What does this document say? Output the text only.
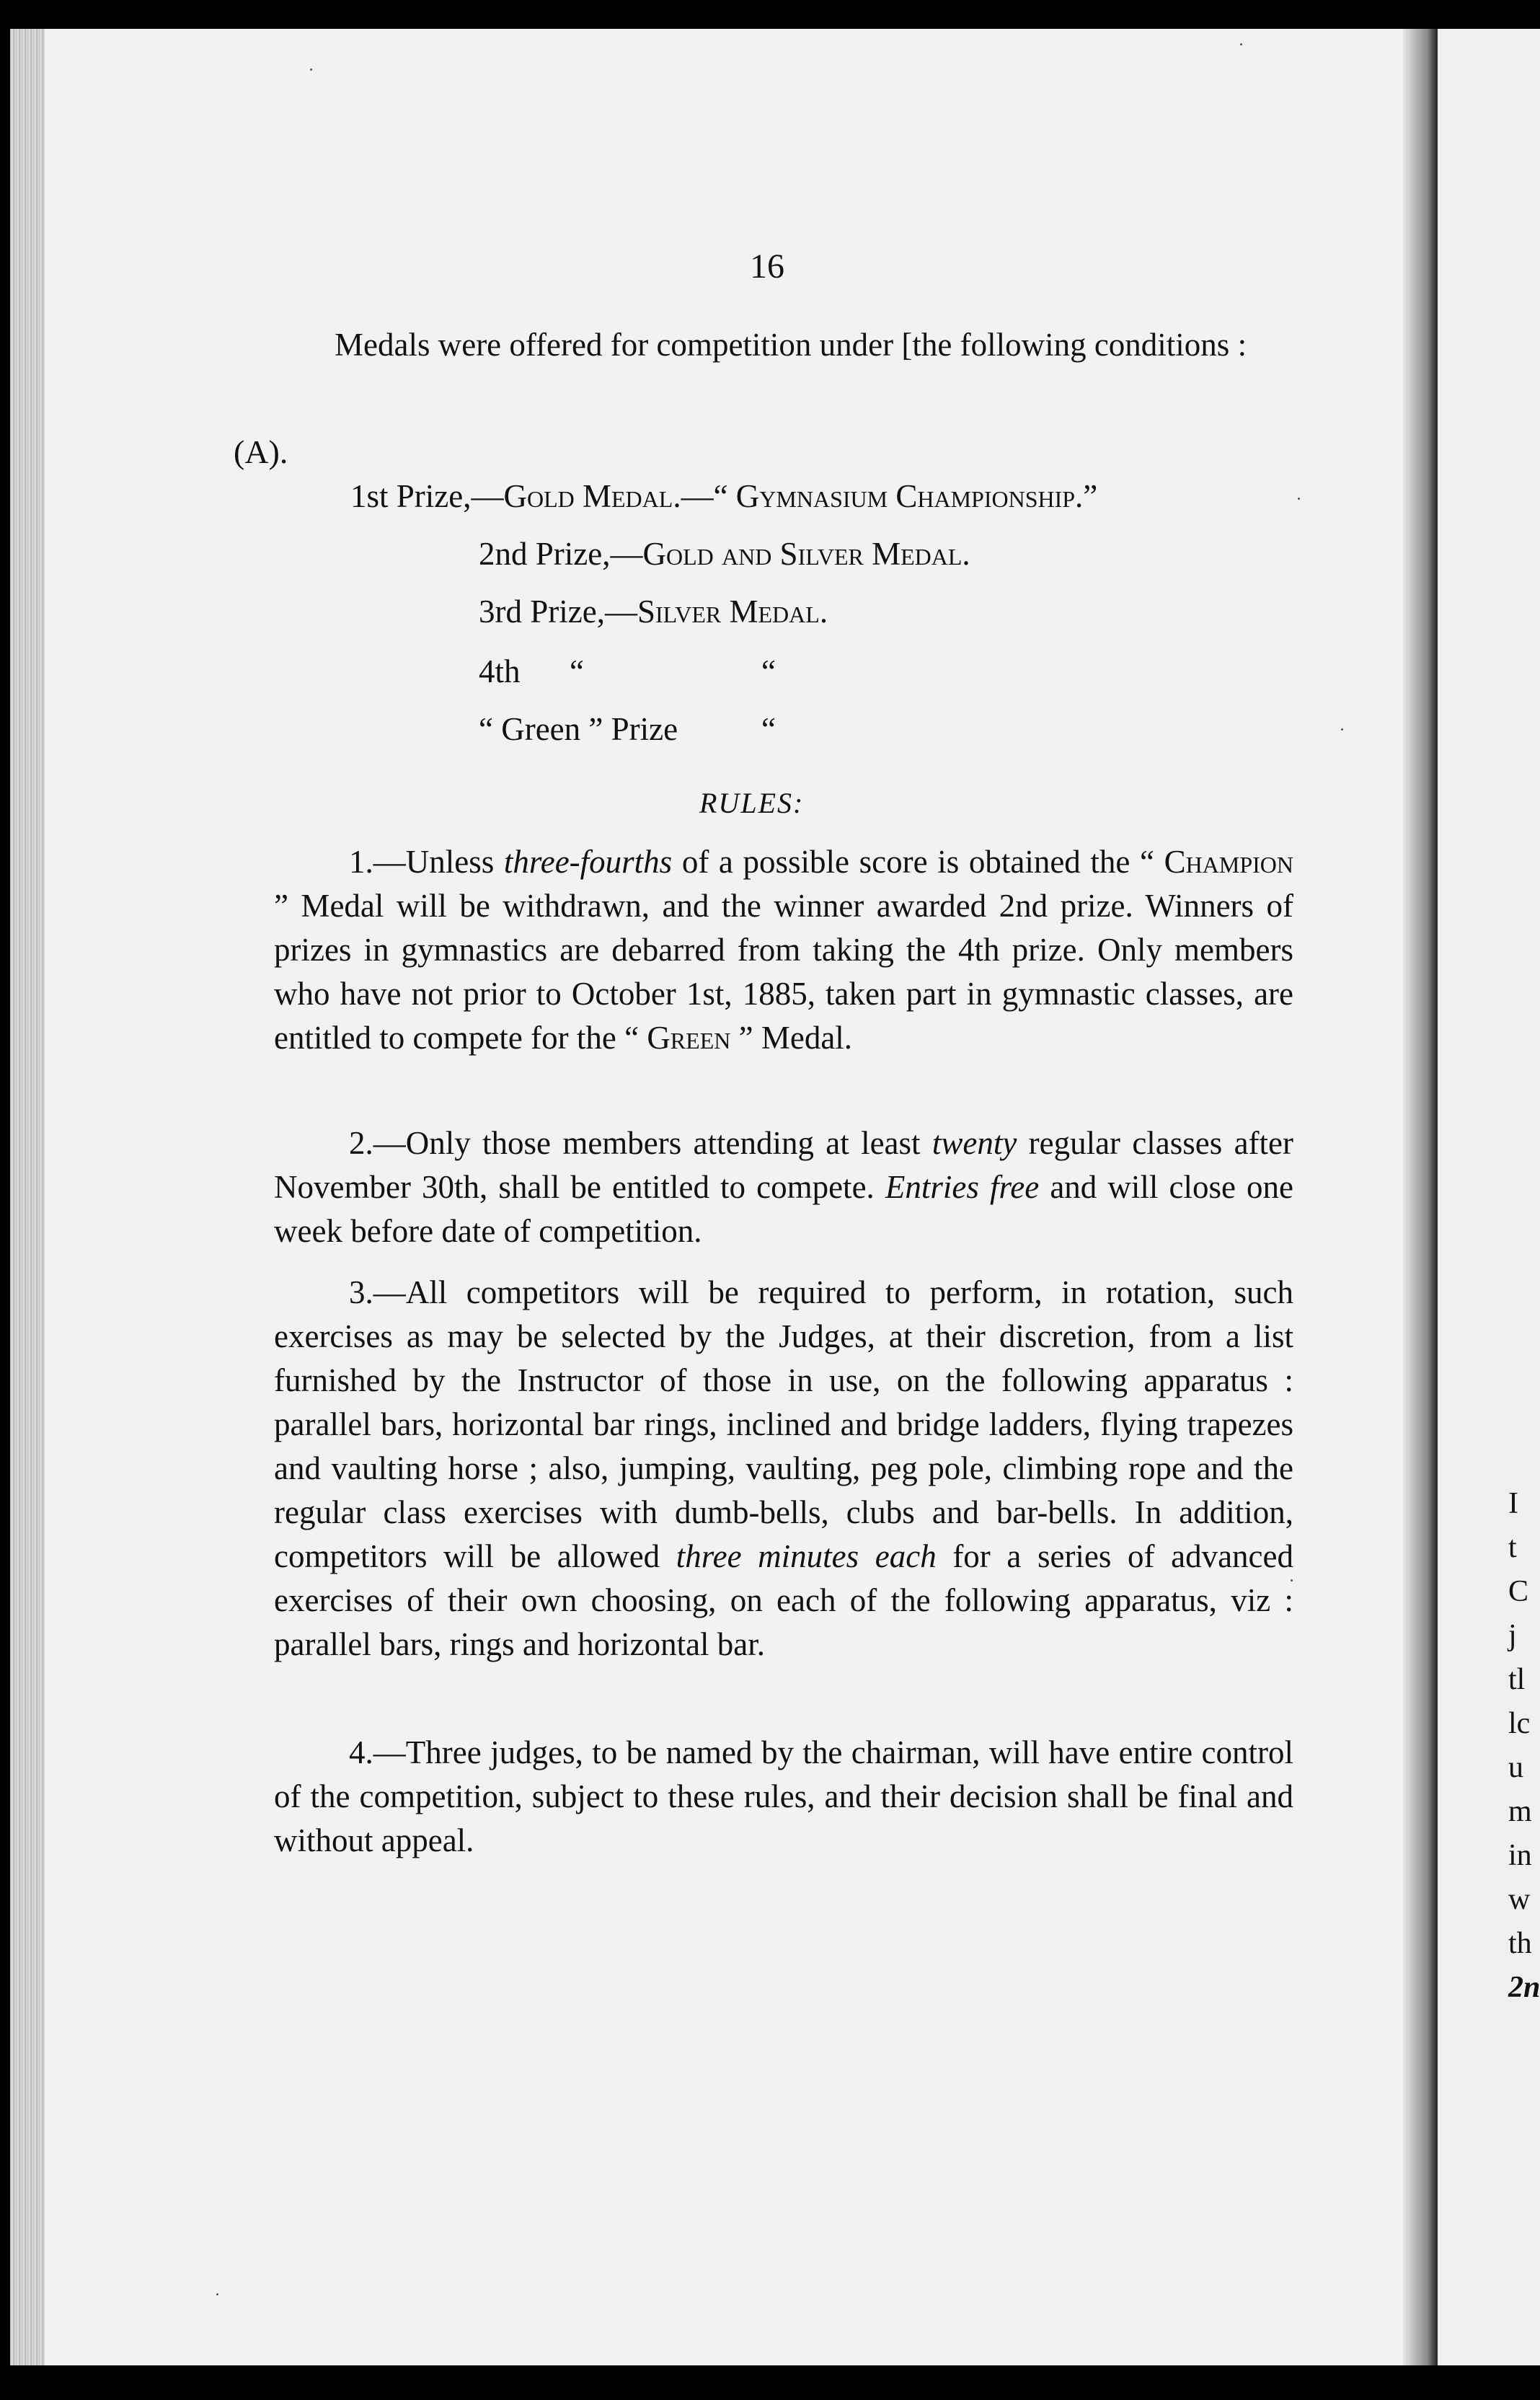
I
t
C
j
tl
lc
u
m
in
w
th
2n
16
Medals were offered for competition under [the following conditions :
(A).
1st Prize,—Gold Medal.—“ Gymnasium Championship.”
2nd Prize,—Gold and Silver Medal.
3rd Prize,—Silver Medal.
4th “	“
“ Green ” Prize	“
RULES:
1.—Unless three-fourths of a possible score is obtained the “ Champion ” Medal will be withdrawn, and the winner awarded 2nd prize. Winners of prizes in gymnastics are debarred from taking the 4th prize. Only members who have not prior to October 1st, 1885, taken part in gymnastic classes, are entitled to compete for the “ Green ” Medal.
2.—Only those members attending at least twenty regular classes after November 30th, shall be entitled to compete. Entries free and will close one week before date of competition.
3.—All competitors will be required to perform, in rotation, such exercises as may be selected by the Judges, at their discretion, from a list furnished by the Instructor of those in use, on the following apparatus : parallel bars, horizontal bar rings, inclined and bridge ladders, flying trapezes and vaulting horse ; also, jumping, vaulting, peg pole, climbing rope and the regular class exercises with dumb-bells, clubs and bar-bells. In addition, competitors will be allowed three minutes each for a series of advanced exercises of their own choosing, on each of the following apparatus, viz : parallel bars, rings and horizontal bar.
4.—Three judges, to be named by the chairman, will have entire control of the competition, subject to these rules, and their decision shall be final and without appeal.
